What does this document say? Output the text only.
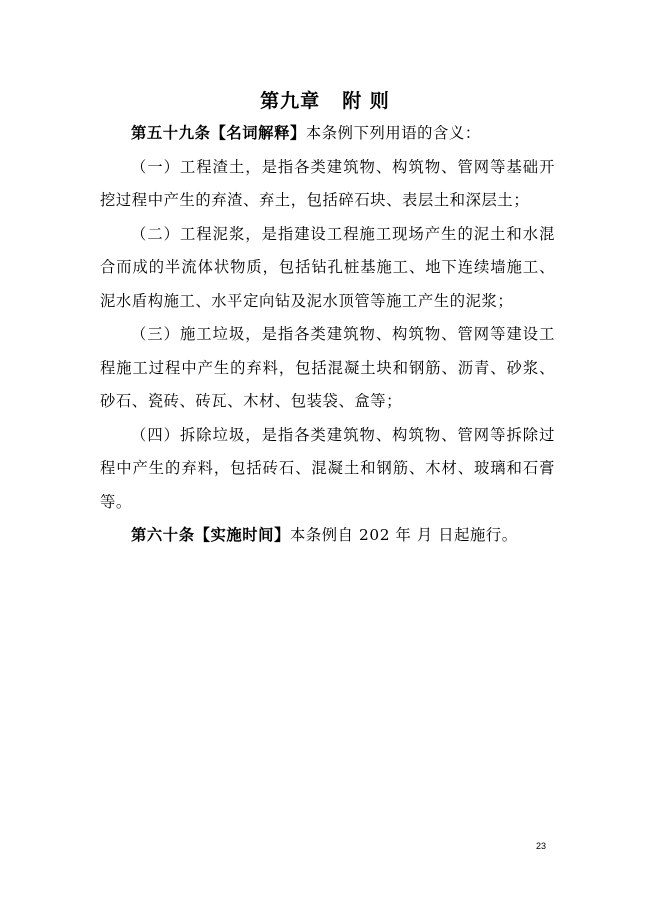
第九章 附 则

第五十九条【名词解释】本条例下列用语的含义：

（一）工程渣土，是指各类建筑物、构筑物、管网等基础开挖过程中产生的弃渣、弃土，包括碎石块、表层土和深层土；

（二）工程泥浆，是指建设工程施工现场产生的泥土和水混合而成的半流体状物质，包括钻孔桩基施工、地下连续墙施工、泥水盾构施工、水平定向钻及泥水顶管等施工产生的泥浆；

（三）施工垃圾，是指各类建筑物、构筑物、管网等建设工程施工过程中产生的弃料，包括混凝土块和钢筋、沥青、砂浆、砂石、瓷砖、砖瓦、木材、包装袋、盒等；

（四）拆除垃圾，是指各类建筑物、构筑物、管网等拆除过程中产生的弃料，包括砖石、混凝土和钢筋、木材、玻璃和石膏等。

第六十条【实施时间】本条例自 202 年 月 日起施行。

23
